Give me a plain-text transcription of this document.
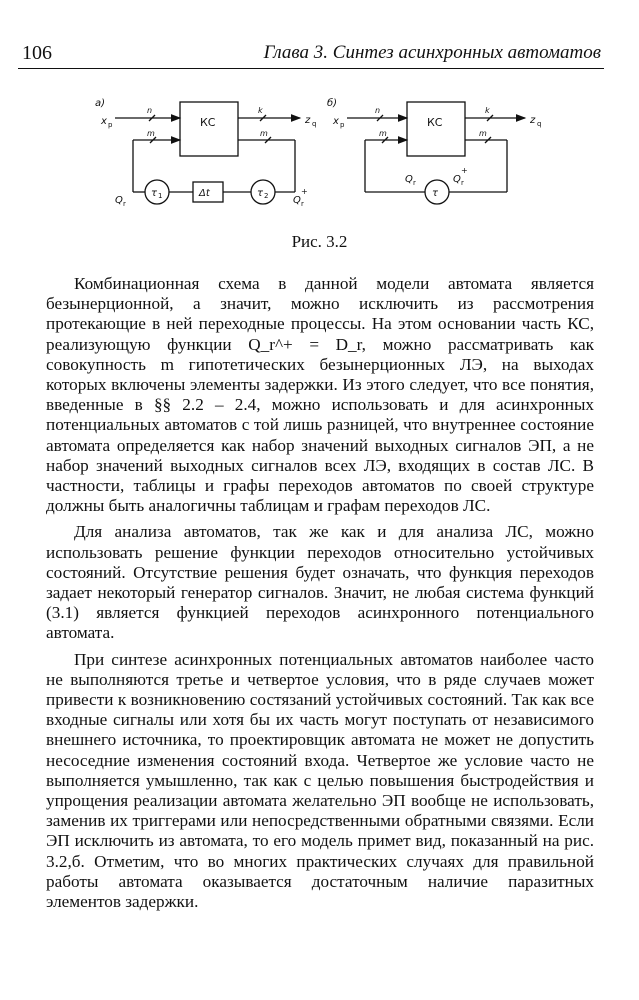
106	Глава 3. Синтез асинхронных автоматов
а)
КС
n
x p
k
z q
m
τ 2
Δt
τ 1
m
Q r	Q r
+
б)
КС
n
x p
k
z q
m
τ
m
Q r	Q r
+
Рис. 3.2

Комбинационная схема в данной модели автомата является безынерционной, а значит, можно исключить из рассмотрения протекающие в ней переходные процессы. На этом основании часть КС, реализующую функции Q_r^+ = D_r, можно рассматривать как совокупность m гипотетических безынерционных ЛЭ, на выходах которых включены элементы задержки. Из этого следует, что все понятия, введенные в §§ 2.2 – 2.4, можно использовать и для асинхронных потенциальных автоматов с той лишь разницей, что внутреннее состояние автомата определяется как набор значений выходных сигналов ЭП, а не набор значений выходных сигналов всех ЛЭ, входящих в состав ЛС. В частности, таблицы и графы переходов автоматов по своей структуре должны быть аналогичны таблицам и графам переходов ЛС.

Для анализа автоматов, так же как и для анализа ЛС, можно использовать решение функции переходов относительно устойчивых состояний. Отсутствие решения будет означать, что функция переходов задает некоторый генератор сигналов. Значит, не любая система функций (3.1) является функцией переходов асинхронного потенциального автомата.

При синтезе асинхронных потенциальных автоматов наиболее часто не выполняются третье и четвертое условия, что в ряде случаев может привести к возникновению состязаний устойчивых состояний. Так как все входные сигналы или хотя бы их часть могут поступать от независимого внешнего источника, то проектировщик автомата не может не допустить несоседние изменения состояний входа. Четвертое же условие часто не выполняется умышленно, так как с целью повышения быстродействия и упрощения реализации автомата желательно ЭП вообще не использовать, заменив их триггерами или непосредственными обратными связями. Если ЭП исключить из автомата, то его модель примет вид, показанный на рис. 3.2,б. Отметим, что во многих практических случаях для правильной работы автомата оказывается достаточным наличие паразитных элементов задержки.
